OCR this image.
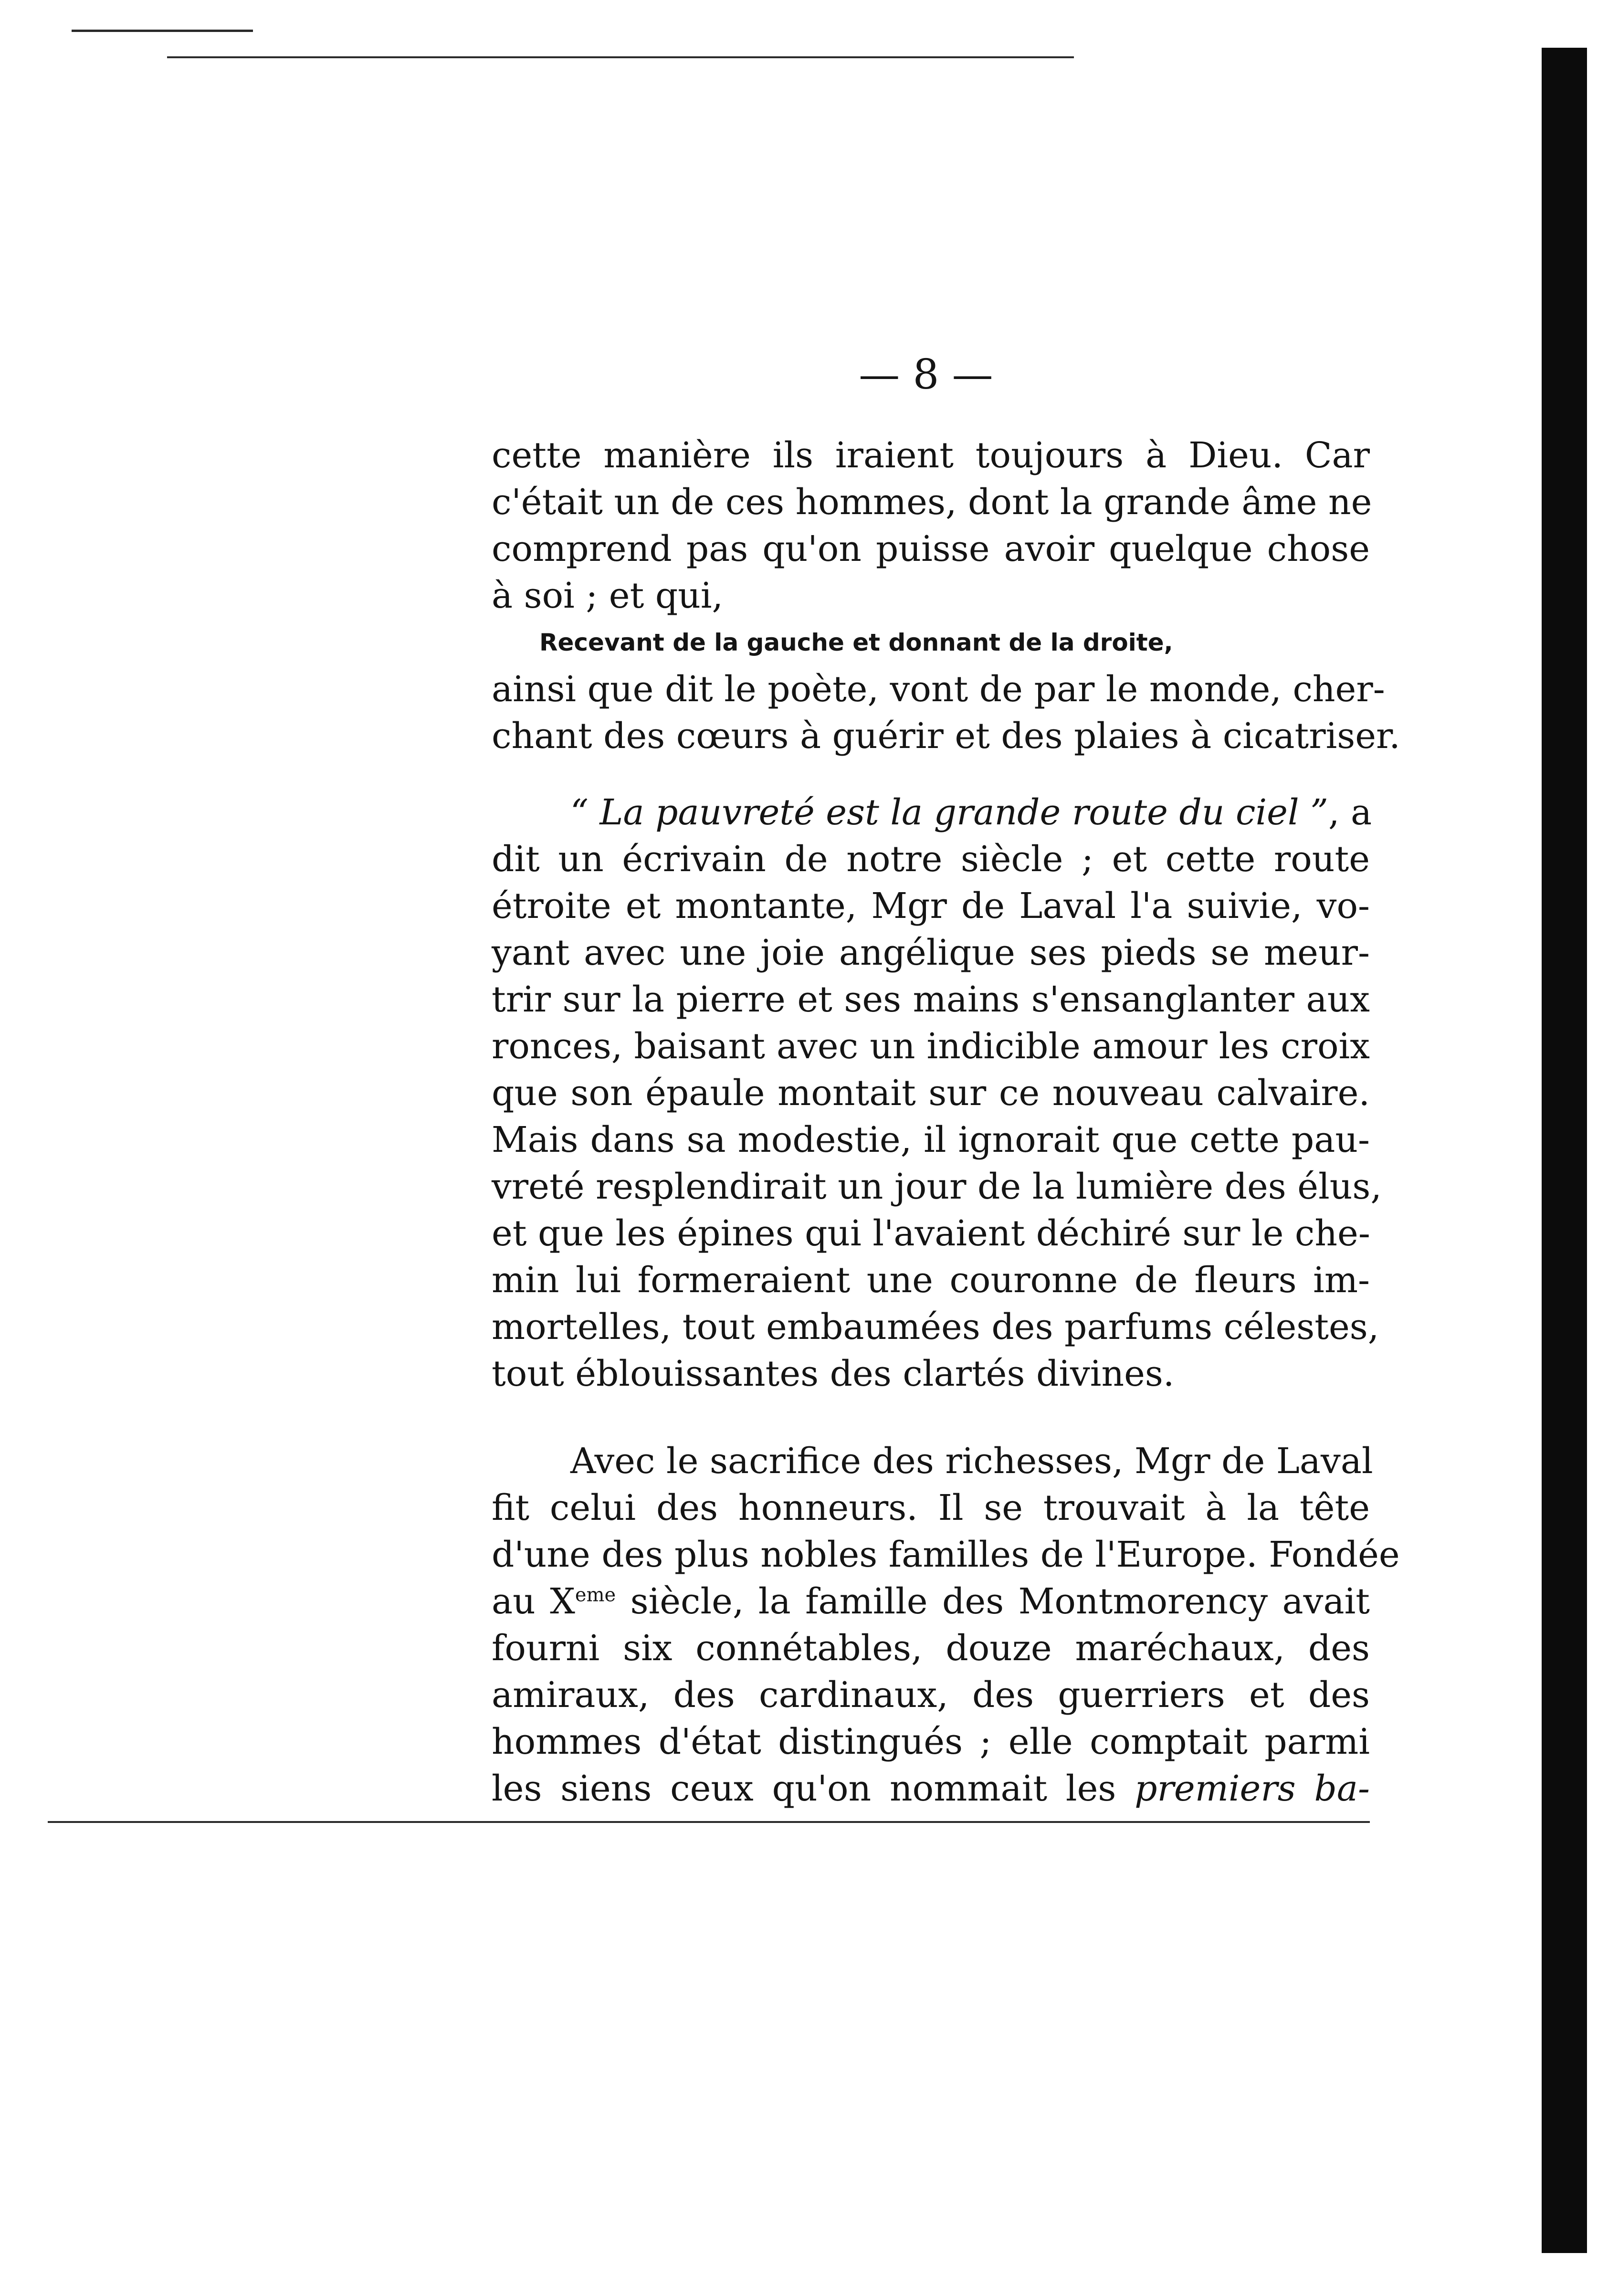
— 8 —
cette manière ils iraient toujours à Dieu. Car
c'était un de ces hommes, dont la grande âme ne
comprend pas qu'on puisse avoir quelque chose
à soi ; et qui,
Recevant de la gauche et donnant de la droite,
ainsi que dit le poète, vont de par le monde, cher-
chant des cœurs à guérir et des plaies à cicatriser.
“ La pauvreté est la grande route du ciel ”, a
dit un écrivain de notre siècle ; et cette route
étroite et montante, Mgr de Laval l'a suivie, vo-
yant avec une joie angélique ses pieds se meur-
trir sur la pierre et ses mains s'ensanglanter aux
ronces, baisant avec un indicible amour les croix
que son épaule montait sur ce nouveau calvaire.
Mais dans sa modestie, il ignorait que cette pau-
vreté resplendirait un jour de la lumière des élus,
et que les épines qui l'avaient déchiré sur le che-
min lui formeraient une couronne de fleurs im-
mortelles, tout embaumées des parfums célestes,
tout éblouissantes des clartés divines.
Avec le sacrifice des richesses, Mgr de Laval
fit celui des honneurs. Il se trouvait à la tête
d'une des plus nobles familles de l'Europe. Fondée
au Xeme siècle, la famille des Montmorency avait
fourni six connétables, douze maréchaux, des
amiraux, des cardinaux, des guerriers et des
hommes d'état distingués ; elle comptait parmi
les siens ceux qu'on nommait les premiers ba-
